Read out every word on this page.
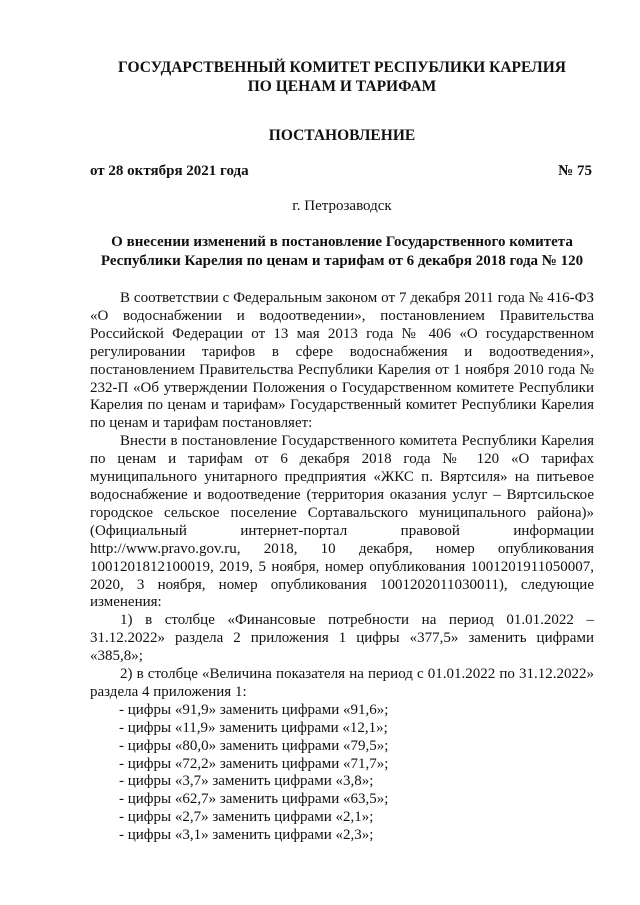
ГОСУДАРСТВЕННЫЙ КОМИТЕТ РЕСПУБЛИКИ КАРЕЛИЯ
ПО ЦЕНАМ И ТАРИФАМ
ПОСТАНОВЛЕНИЕ
от 28 октября 2021 года	№ 75
г. Петрозаводск
О внесении изменений в постановление Государственного комитета
Республики Карелия по ценам и тарифам от 6 декабря 2018 года № 120

В соответствии с Федеральным законом от 7 декабря 2011 года № 416-ФЗ «О водоснабжении и водоотведении», постановлением Правительства Российской Федерации от 13 мая 2013 года № 406 «О государственном регулировании тарифов в сфере водоснабжения и водоотведения», постановлением Правительства Республики Карелия от 1 ноября 2010 года № 232-П «Об утверждении Положения о Государственном комитете Республики Карелия по ценам и тарифам» Государственный комитет Республики Карелия по ценам и тарифам постановляет:

Внести в постановление Государственного комитета Республики Карелия по ценам и тарифам от 6 декабря 2018 года № 120 «О тарифах муниципального унитарного предприятия «ЖКС п. Вяртсиля» на питьевое водоснабжение и водоотведение (территория оказания услуг – Вяртсильское городское сельское поселение Сортавальского муниципального района)» (Официальный интернет-портал правовой информации http://www.pravo.gov.ru, 2018, 10 декабря, номер опубликования 1001201812100019, 2019, 5 ноября, номер опубликования 1001201911050007, 2020, 3 ноября, номер опубликования 1001202011030011), следующие изменения:

1) в столбце «Финансовые потребности на период 01.01.2022 – 31.12.2022» раздела 2 приложения 1 цифры «377,5» заменить цифрами «385,8»;

2) в столбце «Величина показателя на период с 01.01.2022 по 31.12.2022» раздела 4 приложения 1:

- цифры «91,9» заменить цифрами «91,6»;
- цифры «11,9» заменить цифрами «12,1»;
- цифры «80,0» заменить цифрами «79,5»;
- цифры «72,2» заменить цифрами «71,7»;
- цифры «3,7» заменить цифрами «3,8»;
- цифры «62,7» заменить цифрами «63,5»;
- цифры «2,7» заменить цифрами «2,1»;
- цифры «3,1» заменить цифрами «2,3»;
